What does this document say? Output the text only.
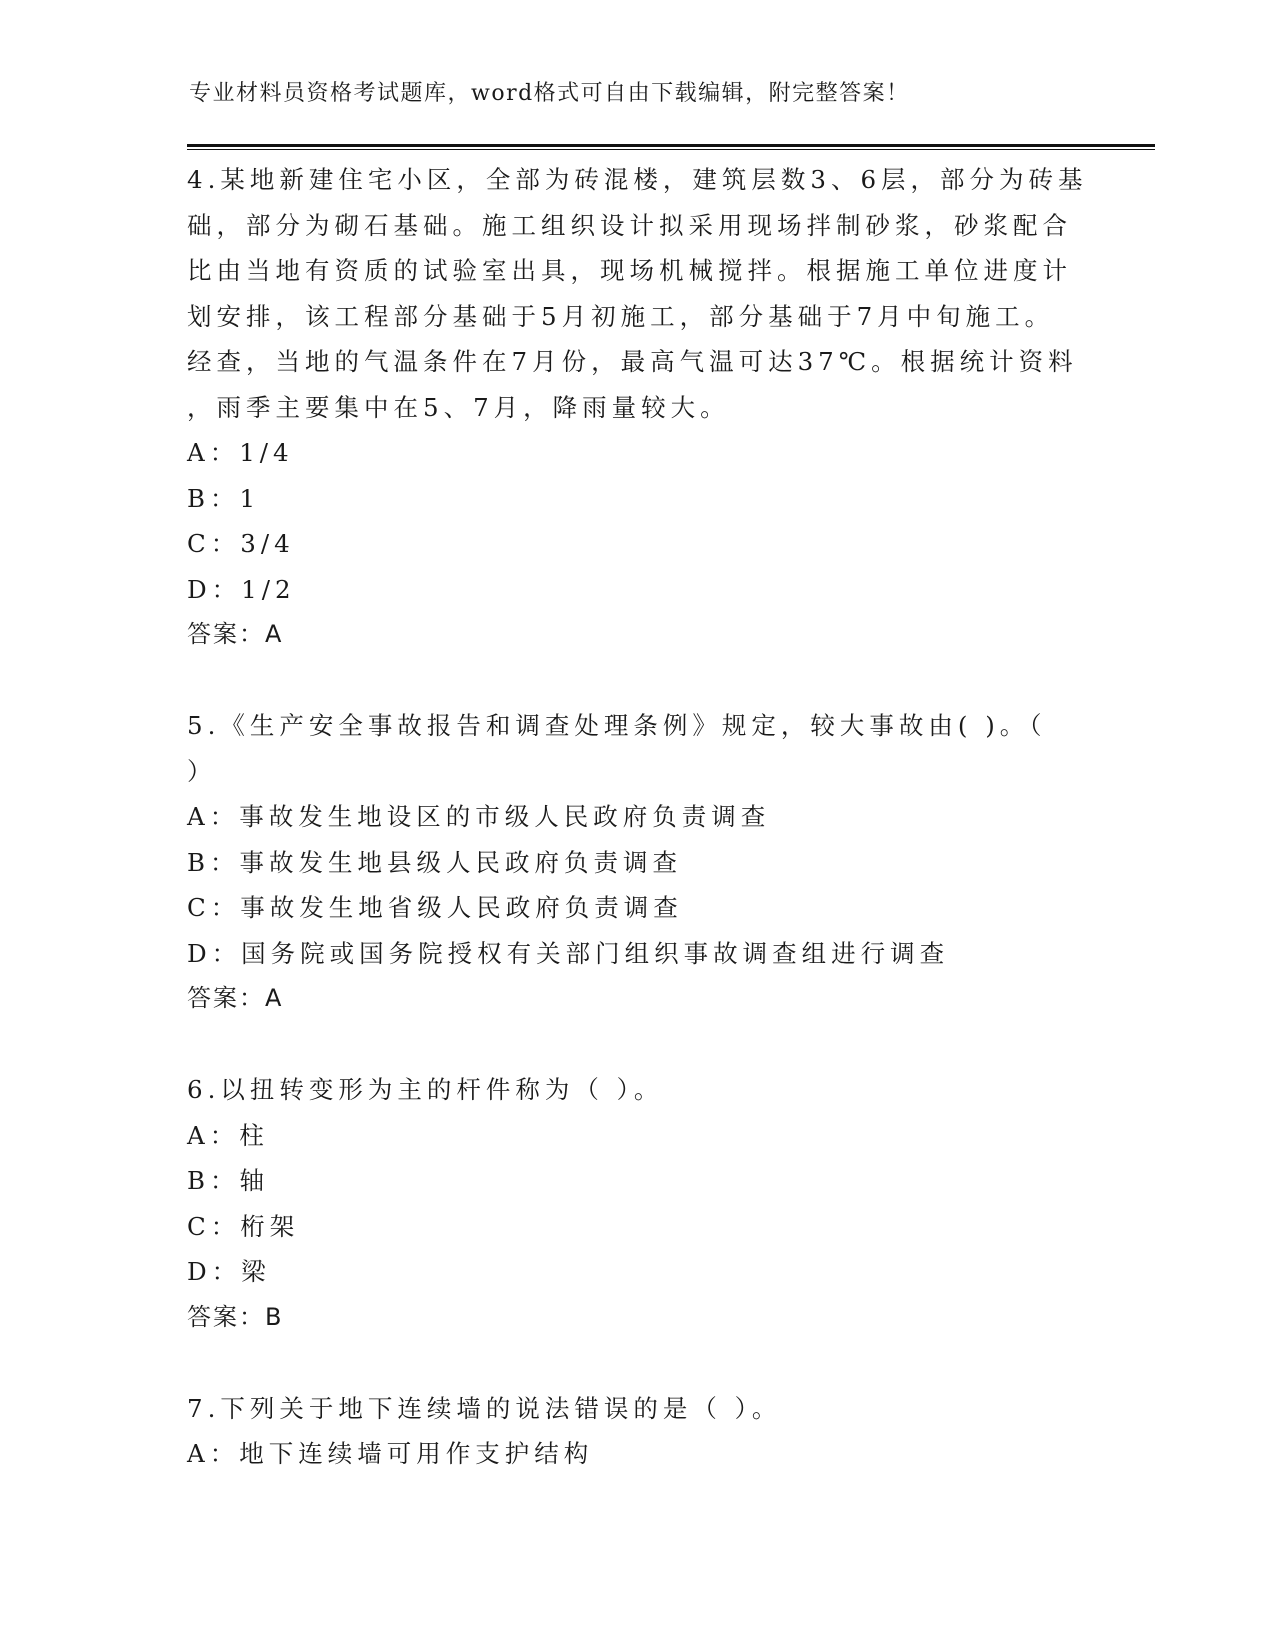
专业材料员资格考试题库，word格式可自由下载编辑，附完整答案！
4.某地新建住宅小区，全部为砖混楼，建筑层数3、6层，部分为砖基
础，部分为砌石基础。施工组织设计拟采用现场拌制砂浆，砂浆配合
比由当地有资质的试验室出具，现场机械搅拌。根据施工单位进度计
划安排，该工程部分基础于5月初施工，部分基础于7月中旬施工。
经查，当地的气温条件在7月份，最高气温可达37℃。根据统计资料
，雨季主要集中在5、7月，降雨量较大。
A：1/4
B：1
C：3/4
D：1/2
答案：A
5.《生产安全事故报告和调查处理条例》规定，较大事故由( )。（
）
A：事故发生地设区的市级人民政府负责调查
B：事故发生地县级人民政府负责调查
C：事故发生地省级人民政府负责调查
D：国务院或国务院授权有关部门组织事故调查组进行调查
答案：A
6.以扭转变形为主的杆件称为（ ）。
A：柱
B：轴
C：桁架
D：梁
答案：B
7.下列关于地下连续墙的说法错误的是（ ）。
A：地下连续墙可用作支护结构
